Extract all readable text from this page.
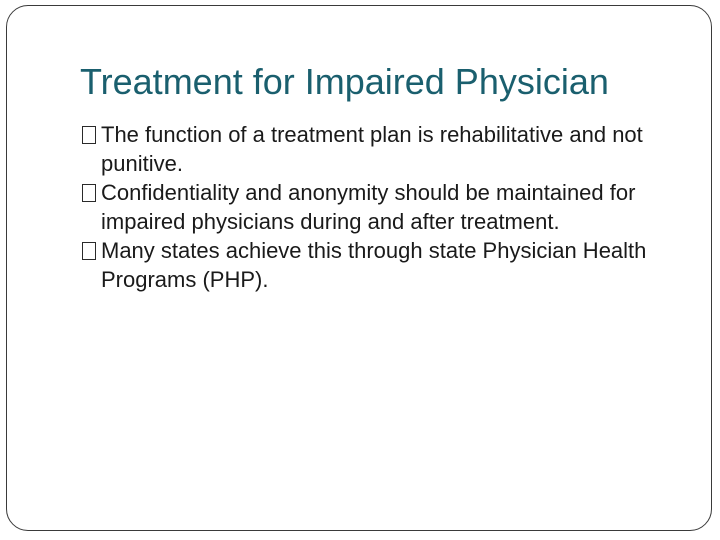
Treatment for Impaired Physician
The function of a treatment plan is rehabilitative and not punitive.
Confidentiality and anonymity should be maintained for impaired physicians during and after treatment.
Many states achieve this through state Physician Health Programs (PHP).
